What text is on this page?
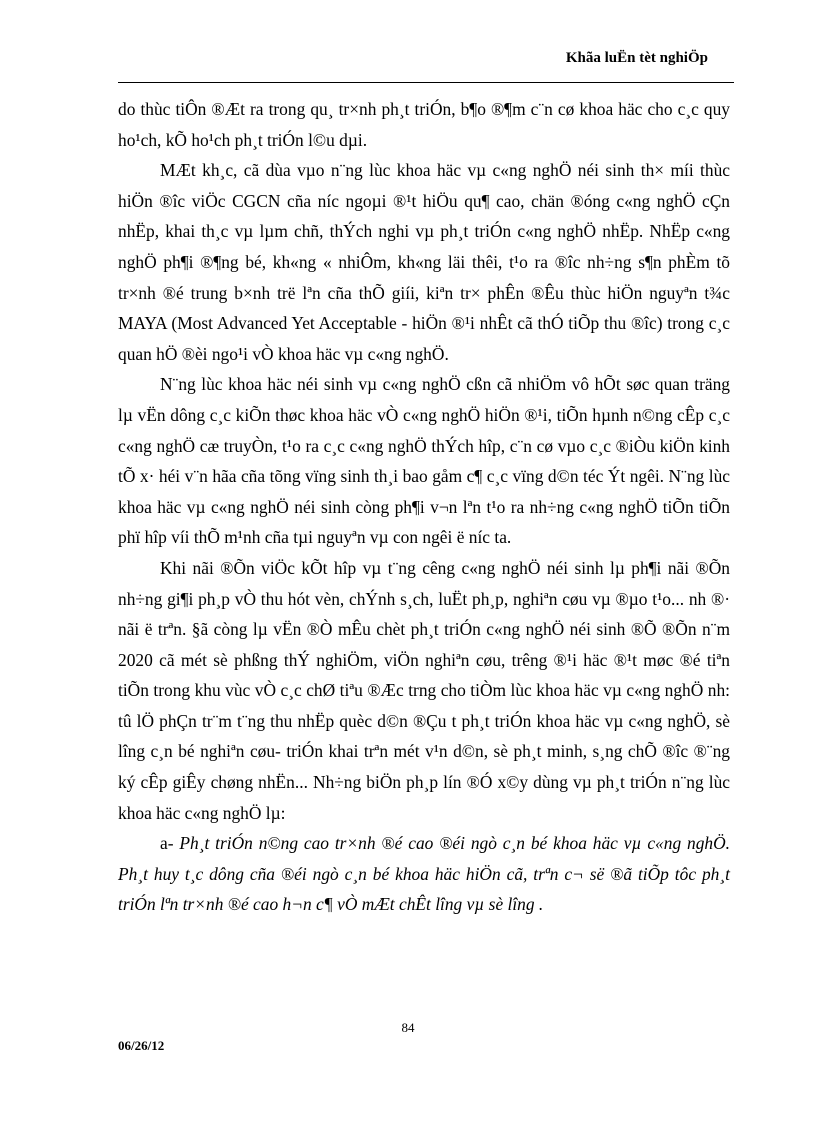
Khãa luËn tèt nghiÖp

do thùc tiÔn ®Æt ra trong qu¸ tr×nh ph¸t triÓn, b¶o ®¶m c¨n cø khoa häc cho c¸c quy ho¹ch, kÕ ho¹ch ph¸t triÓn l©u dµi.

MÆt kh¸c, cã dùa vµo n¨ng lùc khoa häc vµ c«ng nghÖ néi sinh th× míi thùc hiÖn ®îc viÖc CGCN cña níc ngoµi ®¹t hiÖu qu¶ cao, chän ®óng c«ng nghÖ cÇn nhËp, khai th¸c vµ lµm chñ, thÝch nghi vµ ph¸t triÓn c«ng nghÖ nhËp. NhËp c«ng nghÖ ph¶i ®¶ng bé, kh«ng « nhiÔm, kh«ng läi thêi, t¹o ra ®îc nh÷ng s¶n phÈm tõ tr×nh ®é trung b×nh trë lªn cña thÕ giíi, kiªn tr× phÊn ®Êu thùc hiÖn nguyªn t¾c MAYA (Most Advanced Yet Acceptable - hiÖn ®¹i nhÊt cã thÓ tiÕp thu ®îc) trong c¸c quan hÖ ®èi ngo¹i vÒ khoa häc vµ c«ng nghÖ.

N¨ng lùc khoa häc néi sinh vµ c«ng nghÖ cßn cã nhiÖm vô hÕt søc quan träng lµ vËn dông c¸c kiÕn thøc khoa häc vÒ c«ng nghÖ hiÖn ®¹i, tiÕn hµnh n©ng cÊp c¸c c«ng nghÖ cæ truyÒn, t¹o ra c¸c c«ng nghÖ thÝch hîp, c¨n cø vµo c¸c ®iÒu kiÖn kinh tÕ x· héi v¨n hãa cña tõng vïng sinh th¸i bao gåm c¶ c¸c vïng d©n téc Ýt ngêi. N¨ng lùc khoa häc vµ c«ng nghÖ néi sinh còng ph¶i v¬n lªn t¹o ra nh÷ng c«ng nghÖ tiÕn tiÕn phï hîp víi thÕ m¹nh cña tµi nguyªn vµ con ngêi ë níc ta.

Khi nãi ®Õn viÖc kÕt hîp vµ t¨ng cêng c«ng nghÖ néi sinh lµ ph¶i nãi ®Õn nh÷ng gi¶i ph¸p vÒ thu hót vèn, chÝnh s¸ch, luËt ph¸p, nghiªn cøu vµ ®µo t¹o... nh ®· nãi ë trªn. §ã còng lµ vËn ®Ò mÊu chèt ph¸t triÓn c«ng nghÖ néi sinh ®Õ ®Õn n¨m 2020 cã mét sè phßng thÝ nghiÖm, viÖn nghiªn cøu, trêng ®¹i häc ®¹t møc ®é tiªn tiÕn trong khu vùc vÒ c¸c chØ tiªu ®Æc trng cho tiÒm lùc khoa häc vµ c«ng nghÖ nh: tû lÖ phÇn tr¨m t¨ng thu nhËp quèc d©n ®Çu t ph¸t triÓn khoa häc vµ c«ng nghÖ, sè lîng c¸n bé nghiªn cøu- triÓn khai trªn mét v¹n d©n, sè ph¸t minh, s¸ng chÕ ®îc ®¨ng ký cÊp giÊy chøng nhËn... Nh÷ng biÖn ph¸p lín ®Ó x©y dùng vµ ph¸t triÓn n¨ng lùc khoa häc c«ng nghÖ lµ:

a- Ph¸t triÓn n©ng cao tr×nh ®é cao ®éi ngò c¸n bé khoa häc vµ c«ng nghÖ. Ph¸t huy t¸c dông cña ®éi ngò c¸n bé khoa häc hiÖn cã, trªn c¬ së ®ã tiÕp tôc ph¸t triÓn lªn tr×nh ®é cao h¬n c¶ vÒ mÆt chÊt lîng vµ sè lîng .

84
06/26/12
